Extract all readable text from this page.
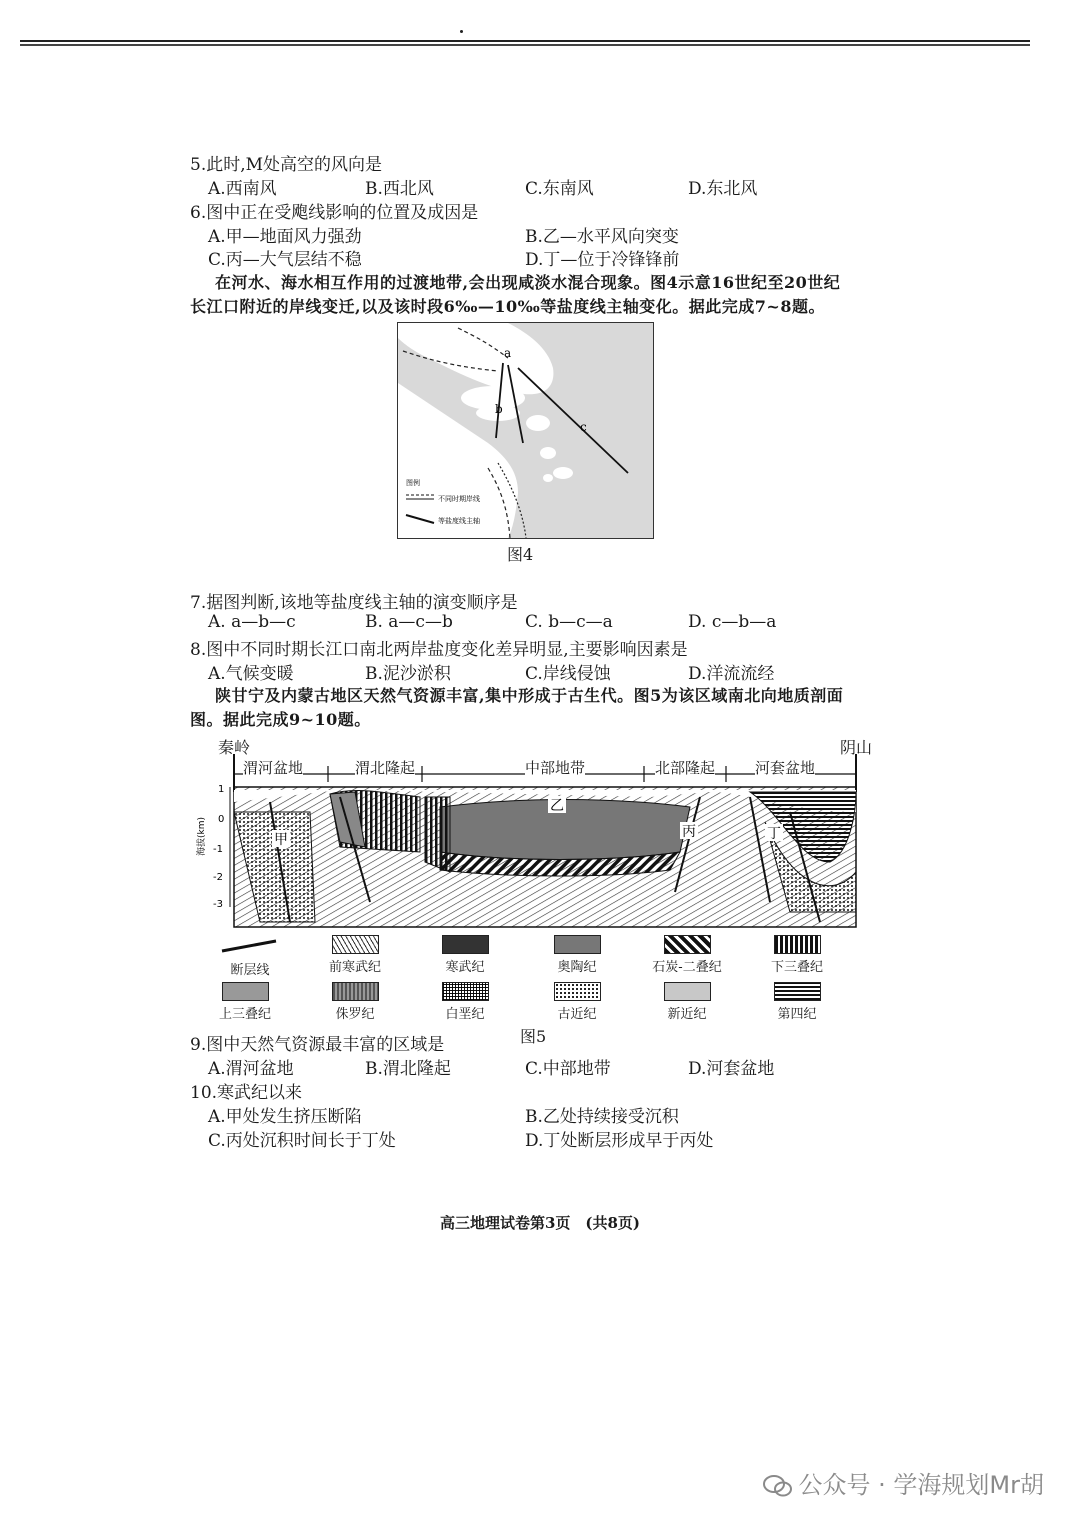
5.此时,M处高空的风向是
A.西南风	B.西北风	C.东南风	D.东北风
6.图中正在受飑线影响的位置及成因是
A.甲—地面风力强劲	B.乙—水平风向突变
C.丙—大气层结不稳	D.丁—位于冷锋锋前
在河水、海水相互作用的过渡地带,会出现咸淡水混合现象。图4示意16世纪至20世纪
长江口附近的岸线变迁,以及该时段6‰—10‰等盐度线主轴变化。据此完成7~8题。
a
b
c
图例
不同时期岸线
等盐度线主轴
图4
7.据图判断,该地等盐度线主轴的演变顺序是
A. a—b—c	B. a—c—b	C. b—c—a	D. c—b—a
8.图中不同时期长江口南北两岸盐度变化差异明显,主要影响因素是
A.气候变暖	B.泥沙淤积	C.岸线侵蚀	D.洋流流经
陕甘宁及内蒙古地区天然气资源丰富,集中形成于古生代。图5为该区域南北向地质剖面
图。据此完成9~10题。
秦岭	阴山
海拔(km)
1
0
-1
-2
-3
甲
乙
丙	丁
渭河盆地	渭北隆起	中部地带	北部隆起	河套盆地
断层线	前寒武纪	寒武纪	奥陶纪	石炭-二叠纪	下三叠纪
上三叠纪	侏罗纪	白垩纪	古近纪	新近纪	第四纪
图5
9.图中天然气资源最丰富的区域是
A.渭河盆地	B.渭北隆起	C.中部地带	D.河套盆地
10.寒武纪以来
A.甲处发生挤压断陷	B.乙处持续接受沉积
C.丙处沉积时间长于丁处	D.丁处断层形成早于丙处
高三地理试卷第3页　(共8页)
公众号 · 学海规划Mr胡
